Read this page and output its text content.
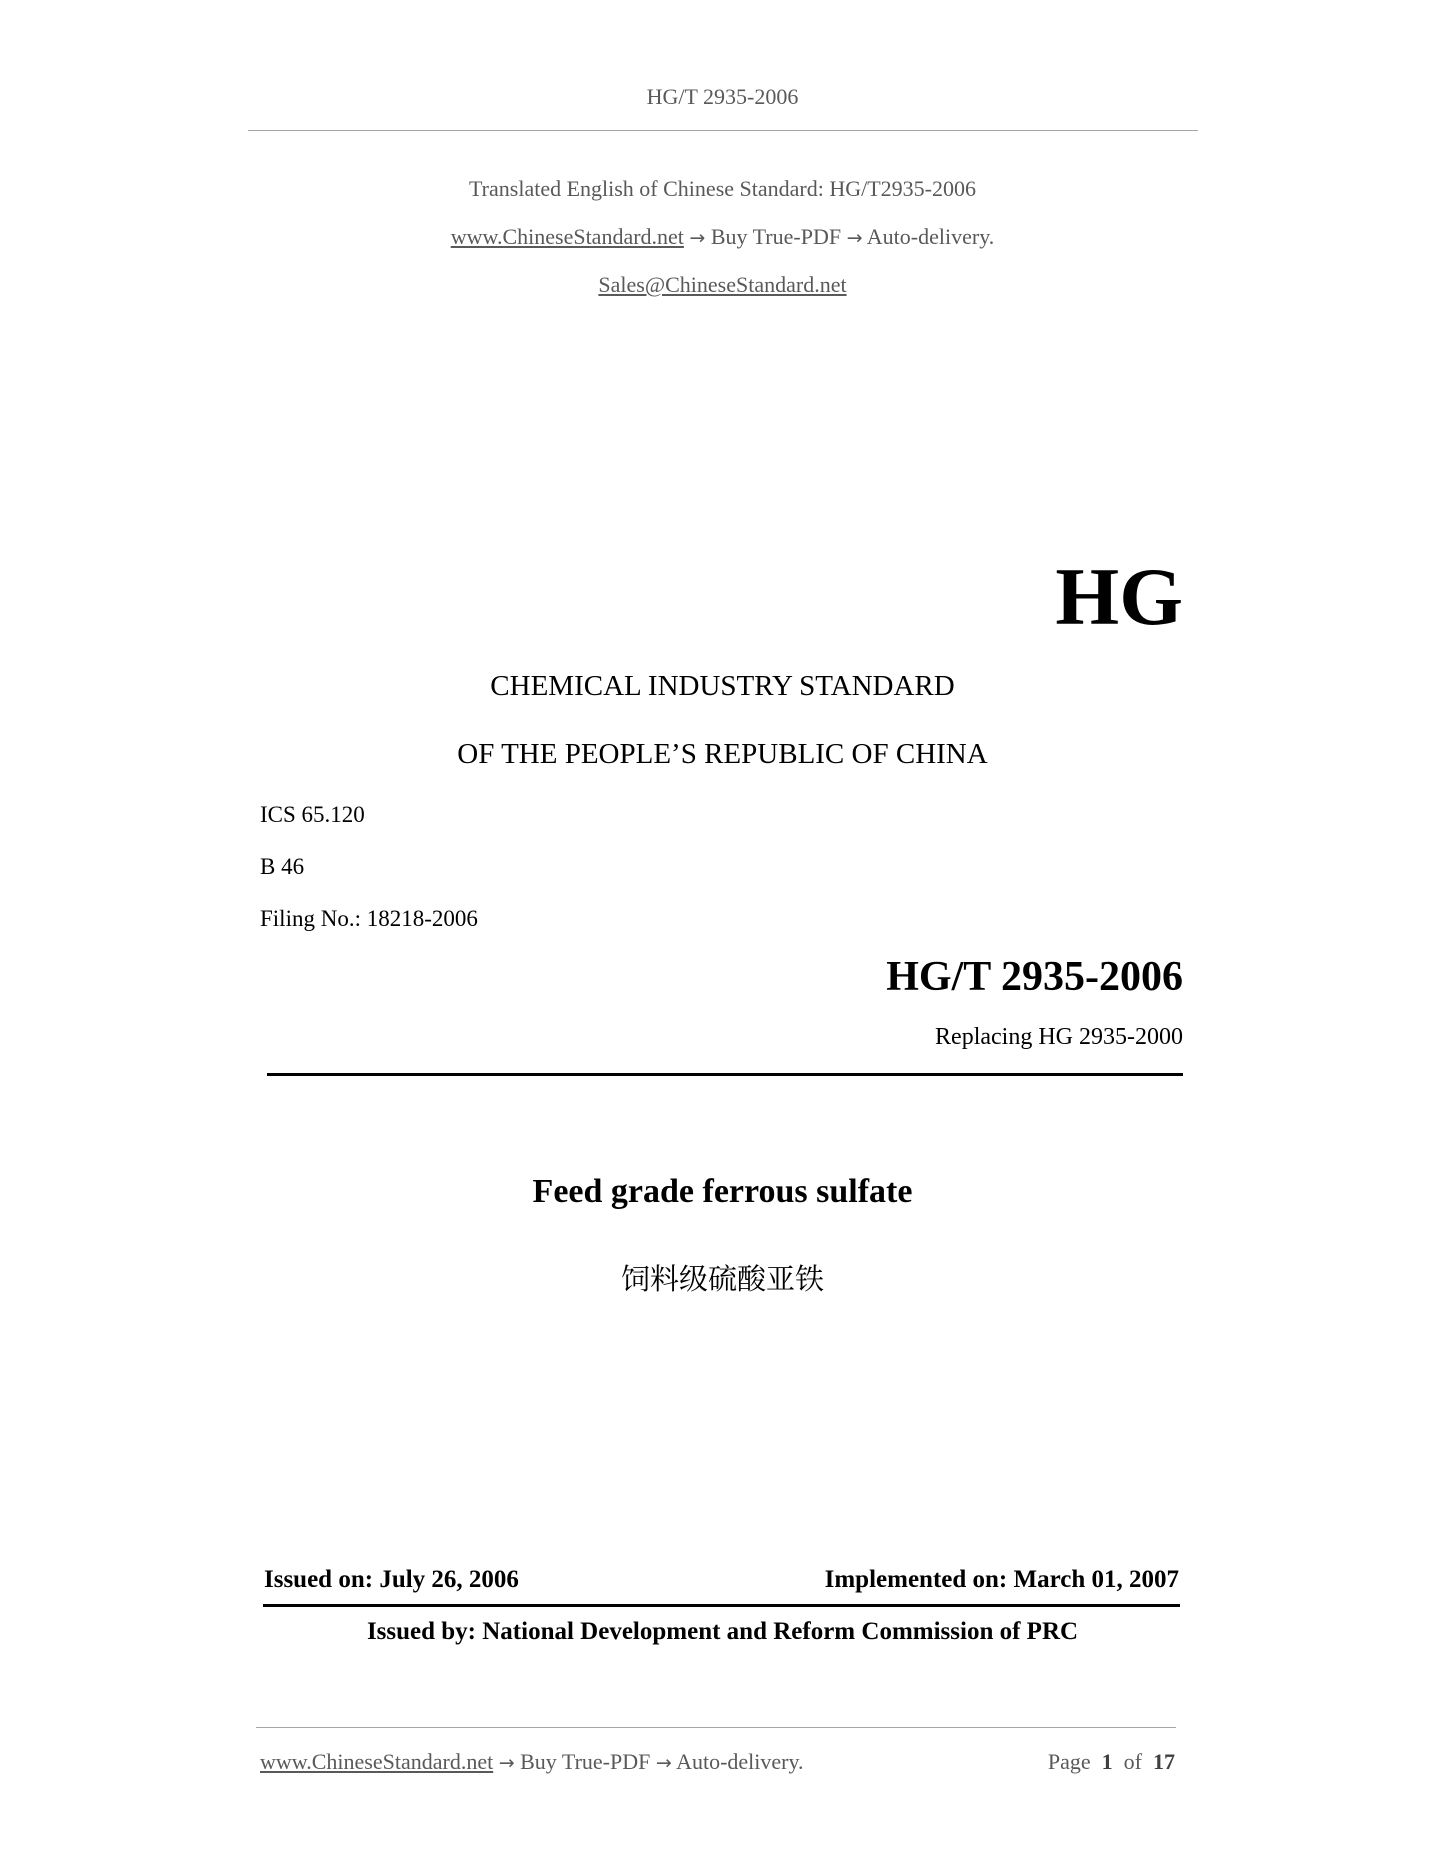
HG/T 2935-2006
Translated English of Chinese Standard: HG/T2935-2006
www.ChineseStandard.net → Buy True-PDF → Auto-delivery.
Sales@ChineseStandard.net
HG
CHEMICAL INDUSTRY STANDARD
OF THE PEOPLE’S REPUBLIC OF CHINA
ICS 65.120
B 46
Filing No.: 18218-2006
HG/T 2935-2006
Replacing HG 2935-2000
Feed grade ferrous sulfate
饲料级硫酸亚铁
Issued on: July 26, 2006	Implemented on: March 01, 2007
Issued by: National Development and Reform Commission of PRC
www.ChineseStandard.net → Buy True-PDF → Auto-delivery.	Page 1 of 17
